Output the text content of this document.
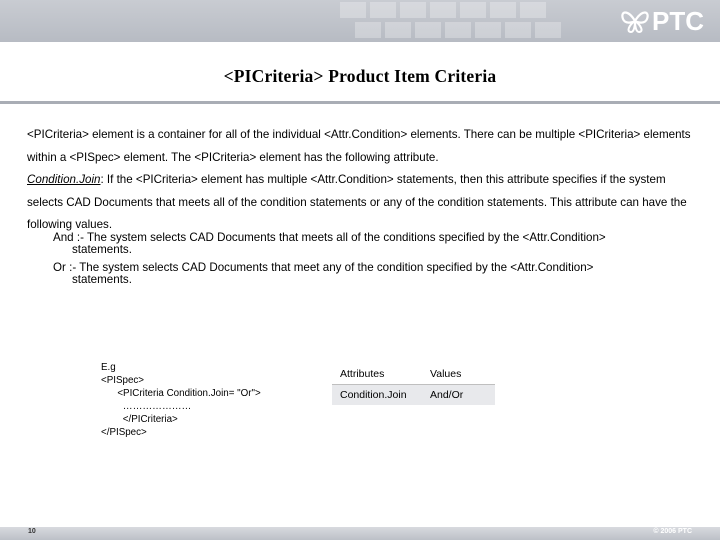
PTC
<PICriteria> Product Item Criteria
<PICriteria> element is a container for all of the individual <Attr.Condition> elements. There can be multiple <PICriteria> elements within a <PISpec> element. The <PICriteria> element has the following attribute.
Condition.Join: If the <PICriteria> element has multiple <Attr.Condition> statements, then this attribute specifies if the system selects CAD Documents that meets all of the condition statements or any of the condition statements. This attribute can have the following values.
And :- The system selects CAD Documents that meets all of the conditions specified by the <Attr.Condition>
statements.
Or :- The system selects CAD Documents that meet any of the condition specified by the <Attr.Condition>
statements.
E.g
<PISpec>
<PICriteria Condition.Join= "Or">
…………………
</PICriteria>
</PISpec>
Attributes	Values
Condition.Join	And/Or
10	© 2006 PTC
